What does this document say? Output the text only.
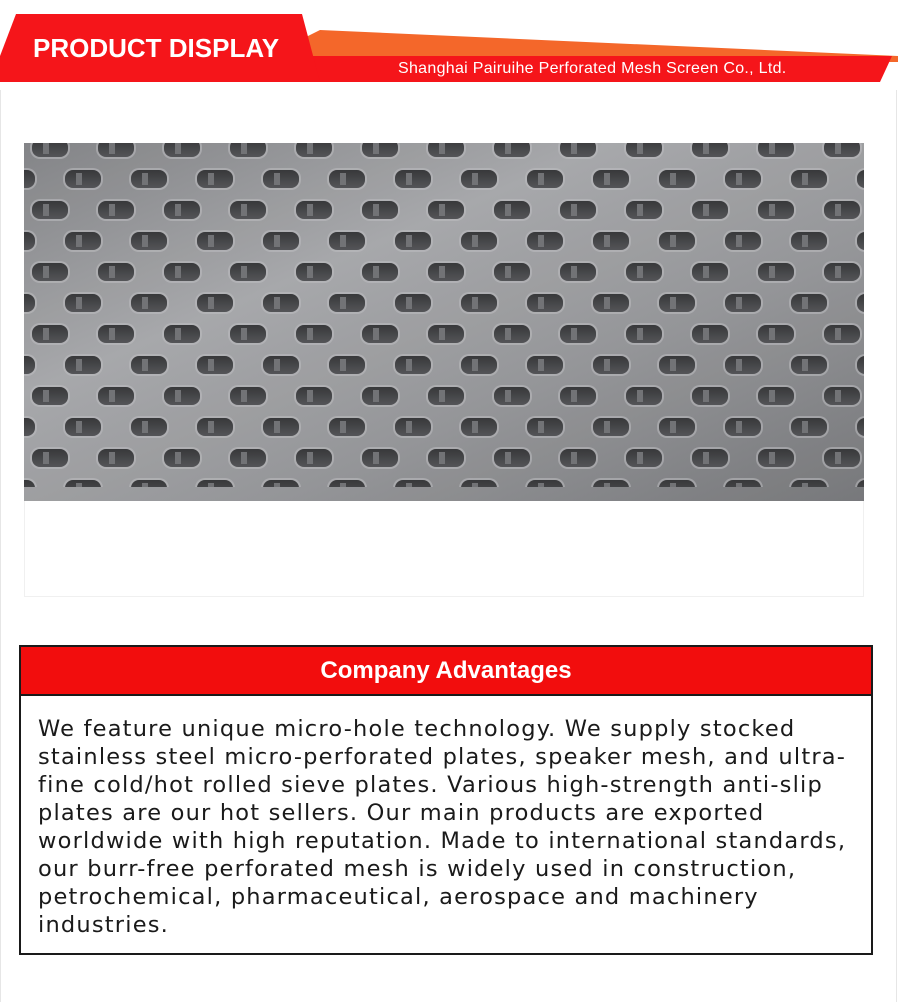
PRODUCT DISPLAY
Shanghai Pairuihe Perforated Mesh Screen Co., Ltd.
Company Advantages
We feature unique micro-hole technology. We supply stocked stainless steel micro-perforated plates, speaker mesh, and ultra-fine cold/hot rolled sieve plates. Various high-strength anti-slip plates are our hot sellers. Our main products are exported worldwide with high reputation. Made to international standards, our burr-free perforated mesh is widely used in construction, petrochemical, pharmaceutical, aerospace and machinery industries.
